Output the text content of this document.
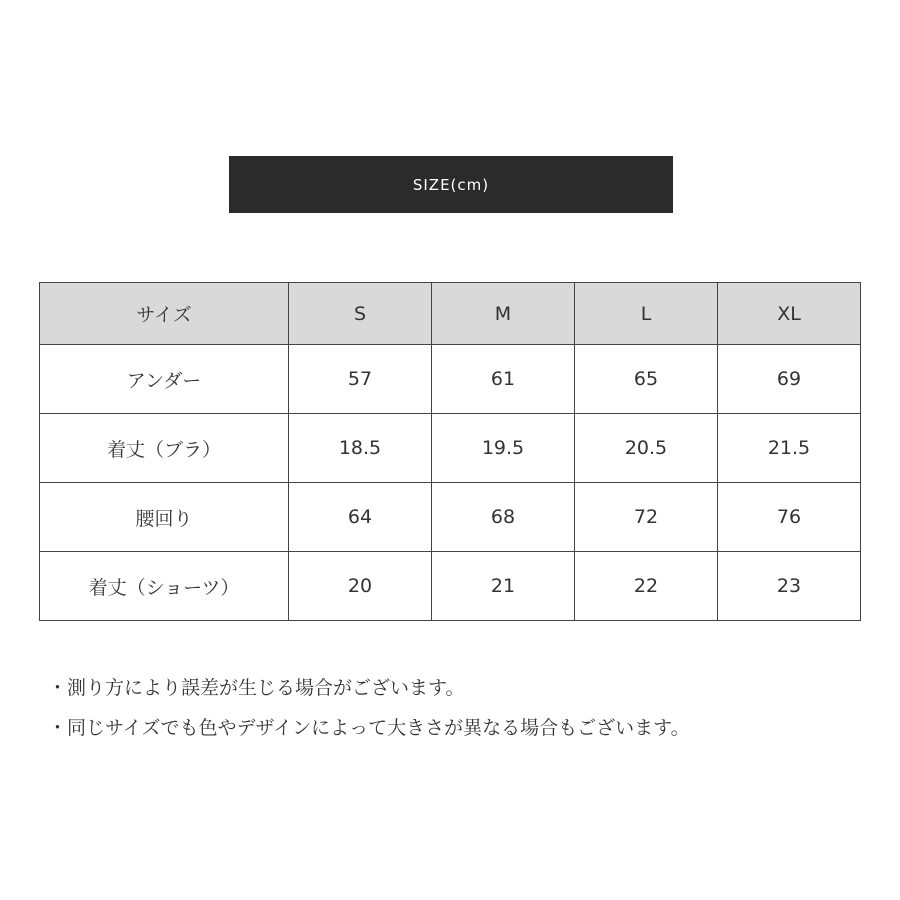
SIZE(cm)
サイズ	S	M	L	XL
アンダー	57	61	65	69
着丈（ブラ）	18.5	19.5	20.5	21.5
腰回り	64	68	72	76
着丈（ショーツ）	20	21	22	23
・測り方により誤差が生じる場合がございます。
・同じサイズでも色やデザインによって大きさが異なる場合もございます。
